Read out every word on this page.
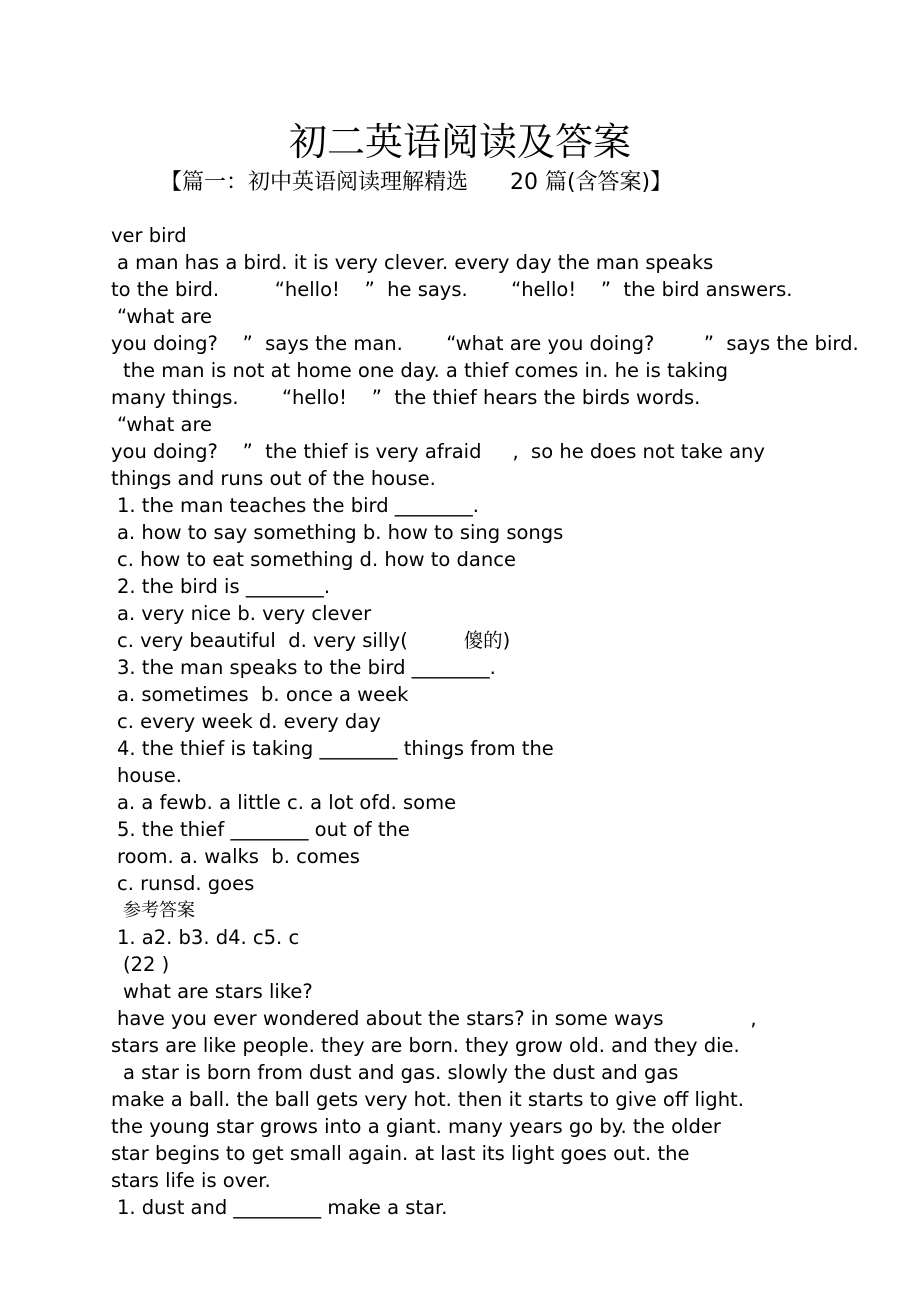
初二英语阅读及答案
【篇一：初中英语阅读理解精选      20 篇(含答案)】
ver bird
a man has a bird. it is very clever. every day the man speaks
to the bird.         “hello!    ”  he says.       “hello!    ”  the bird answers.
“what are
you doing?    ”  says the man.       “what are you doing?        ”  says the bird.
the man is not at home one day. a thief comes in. he is taking
many things.       “hello!    ”  the thief hears the birds words.
“what are
you doing?    ”  the thief is very afraid     ,  so he does not take any
things and runs out of the house.
1. the man teaches the bird ________.
a. how to say something b. how to sing songs
c. how to eat something d. how to dance
2. the bird is ________.
a. very nice b. very clever
c. very beautiful  d. very silly(         傻的)
3. the man speaks to the bird ________.
a. sometimes  b. once a week
c. every week d. every day
4. the thief is taking ________ things from the
house.
a. a fewb. a little c. a lot ofd. some
5. the thief ________ out of the
room. a. walks  b. comes
c. runsd. goes
参考答案
1. a2. b3. d4. c5. c
(22 )
what are stars like?
have you ever wondered about the stars? in some ways              ,
stars are like people. they are born. they grow old. and they die.
a star is born from dust and gas. slowly the dust and gas
make a ball. the ball gets very hot. then it starts to give off light.
the young star grows into a giant. many years go by. the older
star begins to get small again. at last its light goes out. the
stars life is over.
1. dust and _________ make a star.
